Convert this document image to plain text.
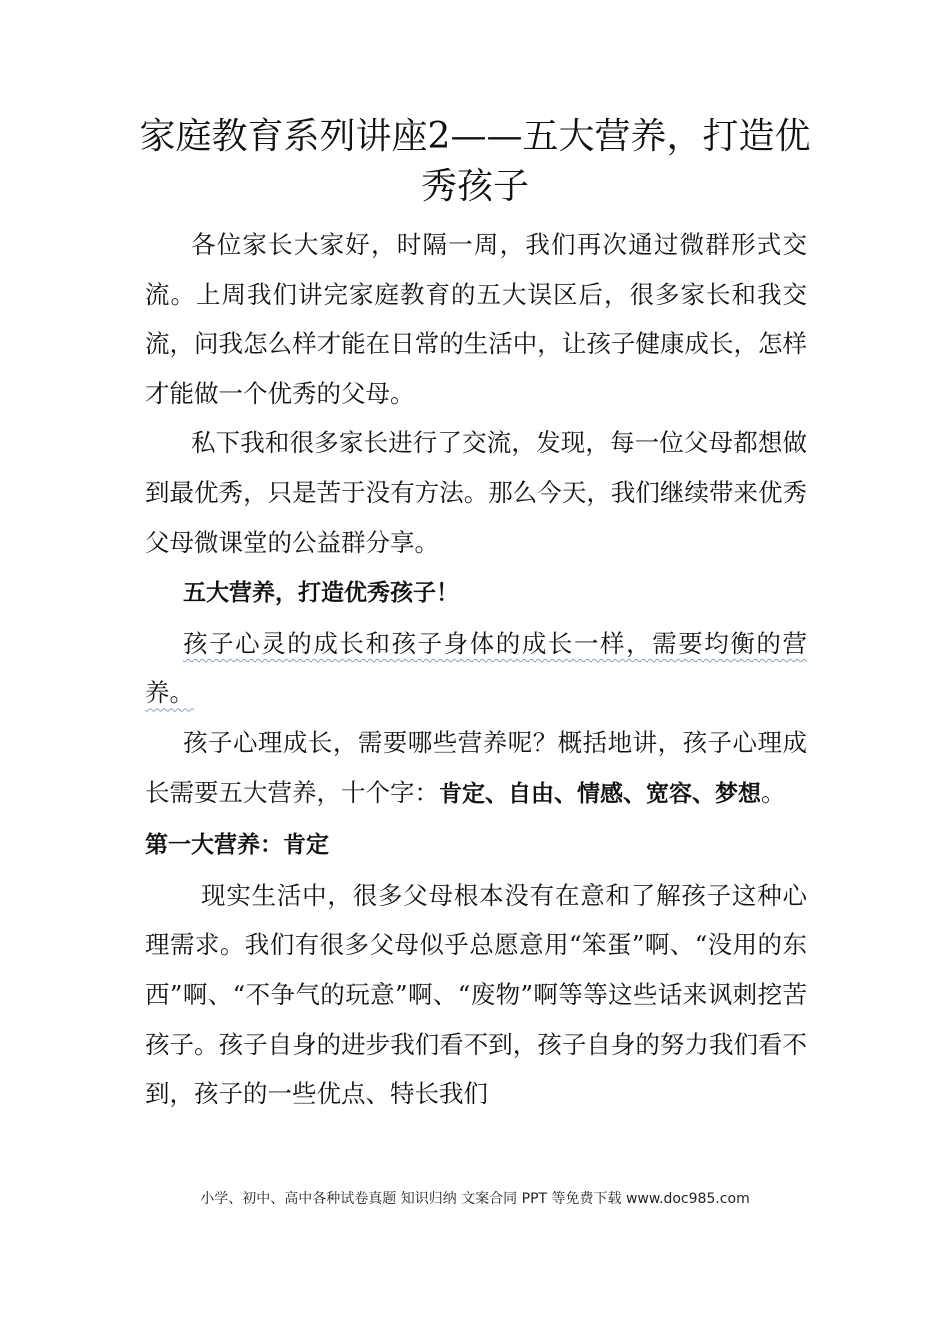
家庭教育系列讲座2——五大营养，打造优秀孩子

各位家长大家好，时隔一周，我们再次通过微群形式交流。上周我们讲完家庭教育的五大误区后，很多家长和我交流，问我怎么样才能在日常的生活中，让孩子健康成长，怎样才能做一个优秀的父母。

私下我和很多家长进行了交流，发现，每一位父母都想做到最优秀，只是苦于没有方法。那么今天，我们继续带来优秀父母微课堂的公益群分享。

五大营养，打造优秀孩子！

孩子心灵的成长和孩子身体的成长一样，需要均衡的营养。

孩子心理成长，需要哪些营养呢？概括地讲，孩子心理成长需要五大营养，十个字：肯定、自由、情感、宽容、梦想。

第一大营养：肯定

现实生活中，很多父母根本没有在意和了解孩子这种心理需求。我们有很多父母似乎总愿意用“笨蛋”啊、“没用的东西”啊、“不争气的玩意”啊、“废物”啊等等这些话来讽刺挖苦孩子。孩子自身的进步我们看不到，孩子自身的努力我们看不到，孩子的一些优点、特长我们

小学、初中、高中各种试卷真题 知识归纳 文案合同 PPT 等免费下载 www.doc985.com
